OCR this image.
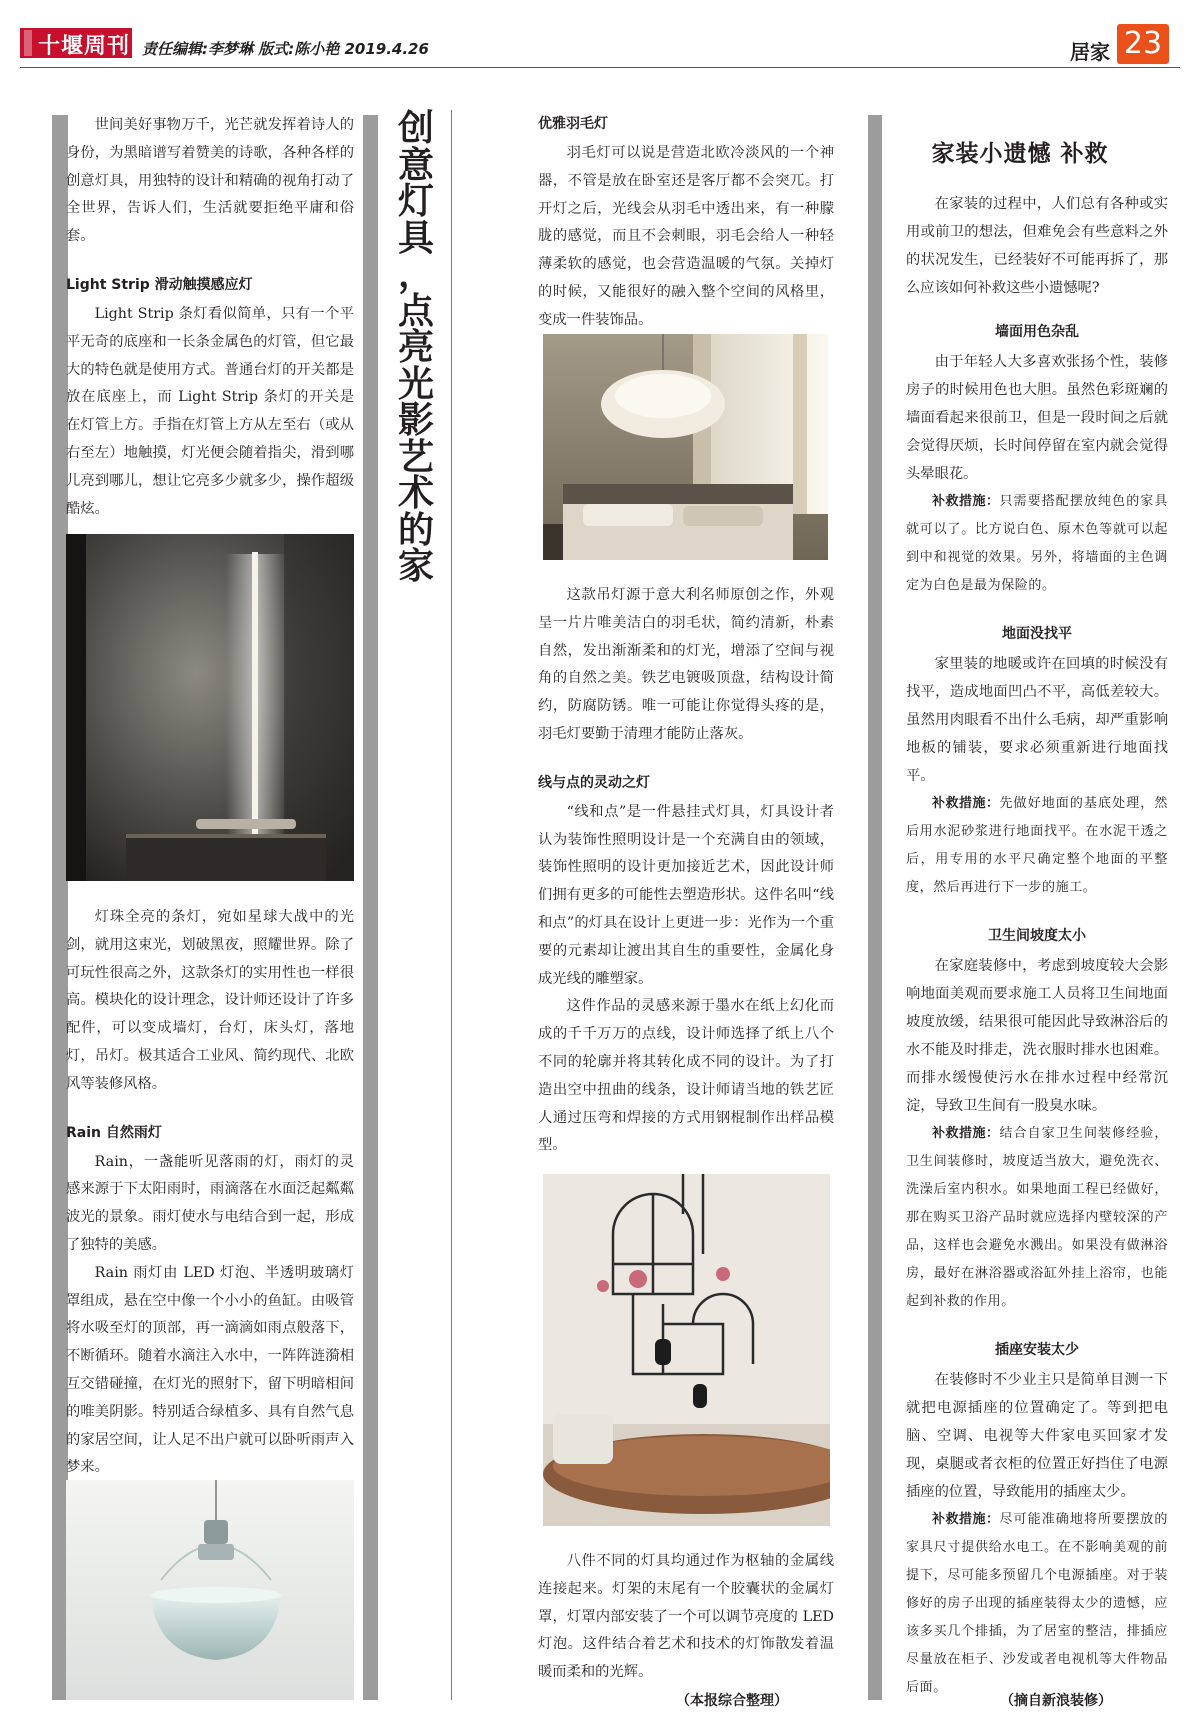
十堰周刊 责任编辑:李梦琳 版式:陈小艳 2019.4.26	居家 23

世间美好事物万千，光芒就发挥着诗人的身份，为黑暗谱写着赞美的诗歌，各种各样的创意灯具，用独特的设计和精确的视角打动了全世界，告诉人们，生活就要拒绝平庸和俗套。

Light Strip 滑动触摸感应灯

Light Strip 条灯看似简单，只有一个平平无奇的底座和一长条金属色的灯管，但它最大的特色就是使用方式。普通台灯的开关都是放在底座上，而 Light Strip 条灯的开关是在灯管上方。手指在灯管上方从左至右（或从右至左）地触摸，灯光便会随着指尖，滑到哪儿亮到哪儿，想让它亮多少就多少，操作超级酷炫。

灯珠全亮的条灯，宛如星球大战中的光剑，就用这束光，划破黑夜，照耀世界。除了可玩性很高之外，这款条灯的实用性也一样很高。模块化的设计理念，设计师还设计了许多配件，可以变成墙灯，台灯，床头灯，落地灯，吊灯。极其适合工业风、简约现代、北欧风等装修风格。

Rain 自然雨灯

Rain，一盏能听见落雨的灯，雨灯的灵感来源于下太阳雨时，雨滴落在水面泛起粼粼波光的景象。雨灯使水与电结合到一起，形成了独特的美感。

Rain 雨灯由 LED 灯泡、半透明玻璃灯罩组成，悬在空中像一个小小的鱼缸。由吸管将水吸至灯的顶部，再一滴滴如雨点般落下，不断循环。随着水滴注入水中，一阵阵涟漪相互交错碰撞，在灯光的照射下，留下明暗相间的唯美阴影。特别适合绿植多、具有自然气息的家居空间，让人足不出户就可以卧听雨声入梦来。

创
意
灯
具
，
点
亮
光
影
艺
术
的
家
优雅羽毛灯

羽毛灯可以说是营造北欧冷淡风的一个神器，不管是放在卧室还是客厅都不会突兀。打开灯之后，光线会从羽毛中透出来，有一种朦胧的感觉，而且不会刺眼，羽毛会给人一种轻薄柔软的感觉，也会营造温暖的气氛。关掉灯的时候，又能很好的融入整个空间的风格里，变成一件装饰品。

这款吊灯源于意大利名师原创之作，外观呈一片片唯美洁白的羽毛状，简约清新，朴素自然，发出渐渐柔和的灯光，增添了空间与视角的自然之美。铁艺电镀吸顶盘，结构设计简约，防腐防锈。唯一可能让你觉得头疼的是，羽毛灯要勤于清理才能防止落灰。

线与点的灵动之灯

“线和点”是一件悬挂式灯具，灯具设计者认为装饰性照明设计是一个充满自由的领域，装饰性照明的设计更加接近艺术，因此设计师们拥有更多的可能性去塑造形状。这件名叫“线和点”的灯具在设计上更进一步：光作为一个重要的元素却让渡出其自生的重要性，金属化身成光线的雕塑家。

这件作品的灵感来源于墨水在纸上幻化而成的千千万万的点线，设计师选择了纸上八个不同的轮廓并将其转化成不同的设计。为了打造出空中扭曲的线条，设计师请当地的铁艺匠人通过压弯和焊接的方式用钢棍制作出样品模型。

八件不同的灯具均通过作为枢轴的金属线连接起来。灯架的末尾有一个胶囊状的金属灯罩，灯罩内部安装了一个可以调节亮度的 LED 灯泡。这件结合着艺术和技术的灯饰散发着温暖而柔和的光辉。

（本报综合整理）
家装小遗憾 补救

在家装的过程中，人们总有各种或实用或前卫的想法，但难免会有些意料之外的状况发生，已经装好不可能再拆了，那么应该如何补救这些小遗憾呢?

墙面用色杂乱

由于年轻人大多喜欢张扬个性，装修房子的时候用色也大胆。虽然色彩斑斓的墙面看起来很前卫，但是一段时间之后就会觉得厌烦，长时间停留在室内就会觉得头晕眼花。

补救措施：只需要搭配摆放纯色的家具就可以了。比方说白色、原木色等就可以起到中和视觉的效果。另外，将墙面的主色调定为白色是最为保险的。

地面没找平

家里装的地暖或许在回填的时候没有找平，造成地面凹凸不平，高低差较大。虽然用肉眼看不出什么毛病，却严重影响地板的铺装，要求必须重新进行地面找平。

补救措施：先做好地面的基底处理，然后用水泥砂浆进行地面找平。在水泥干透之后，用专用的水平尺确定整个地面的平整度，然后再进行下一步的施工。

卫生间坡度太小

在家庭装修中，考虑到坡度较大会影响地面美观而要求施工人员将卫生间地面坡度放缓，结果很可能因此导致淋浴后的水不能及时排走，洗衣服时排水也困难。而排水缓慢使污水在排水过程中经常沉淀，导致卫生间有一股臭水味。

补救措施：结合自家卫生间装修经验，卫生间装修时，坡度适当放大，避免洗衣、洗澡后室内积水。如果地面工程已经做好，那在购买卫浴产品时就应选择内壁较深的产品，这样也会避免水溅出。如果没有做淋浴房，最好在淋浴器或浴缸外挂上浴帘，也能起到补救的作用。

插座安装太少

在装修时不少业主只是简单目测一下就把电源插座的位置确定了。等到把电脑、空调、电视等大件家电买回家才发现，桌腿或者衣柜的位置正好挡住了电源插座的位置，导致能用的插座太少。

补救措施：尽可能准确地将所要摆放的家具尺寸提供给水电工。在不影响美观的前提下，尽可能多预留几个电源插座。对于装修好的房子出现的插座装得太少的遗憾，应该多买几个排插，为了居室的整洁，排插应尽量放在柜子、沙发或者电视机等大件物品后面。

（摘自新浪装修）
